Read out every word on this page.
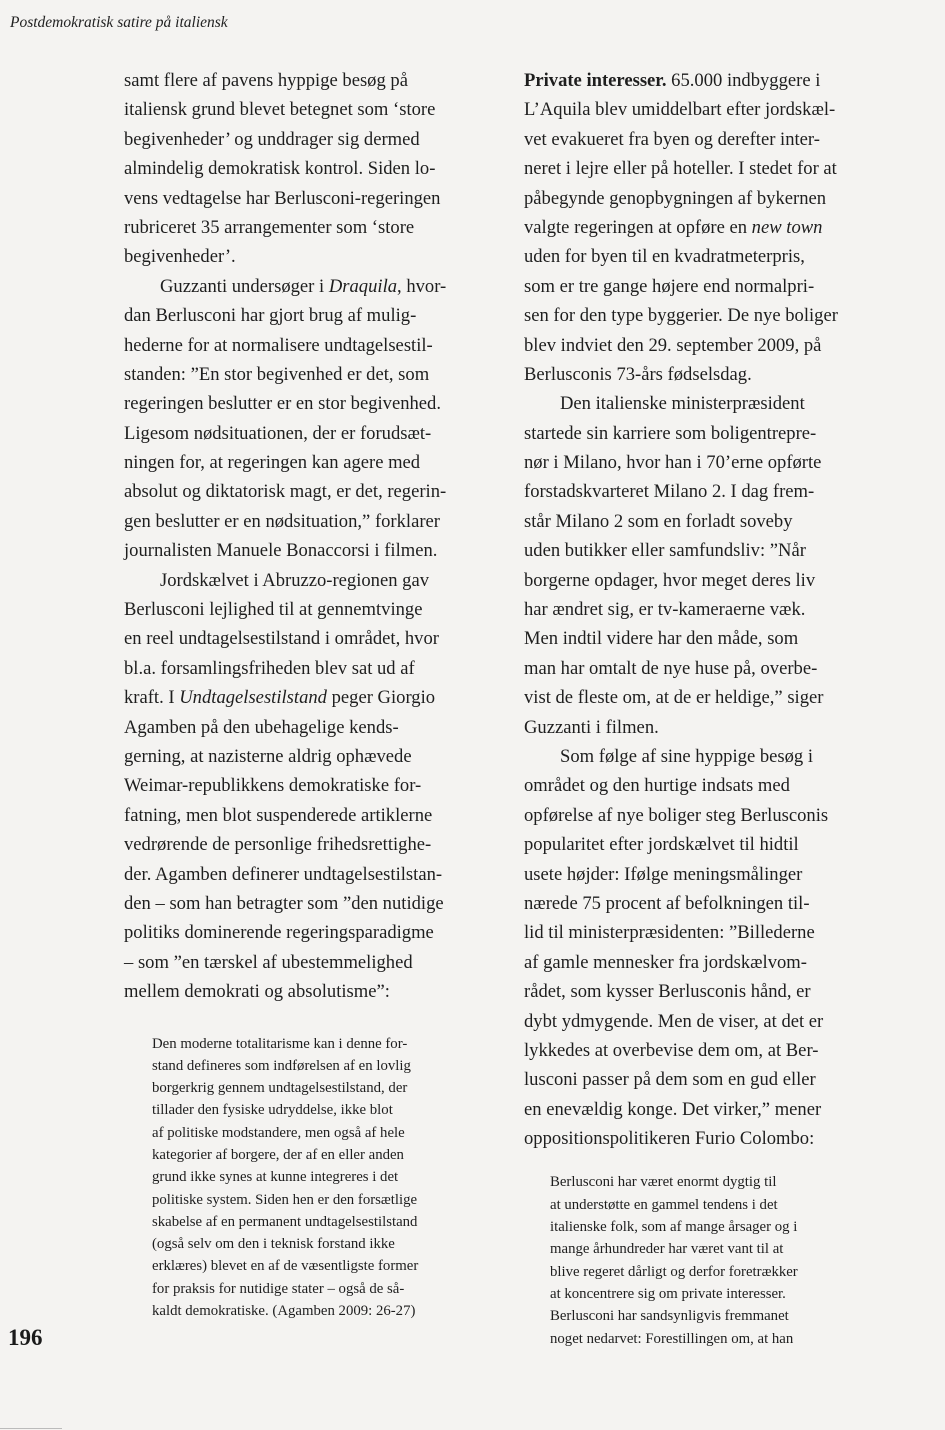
Postdemokratisk satire på italiensk
samt flere af pavens hyppige besøg på
italiensk grund blevet betegnet som ‘store
begivenheder’ og unddrager sig dermed
almindelig demokratisk kontrol. Siden lo-
vens vedtagelse har Berlusconi-regeringen
rubriceret 35 arrangementer som ‘store
begivenheder’.
Guzzanti undersøger i Draquila, hvor-
dan Berlusconi har gjort brug af mulig-
hederne for at normalisere undtagelsestil-
standen: ”En stor begivenhed er det, som
regeringen beslutter er en stor begivenhed.
Ligesom nødsituationen, der er forudsæt-
ningen for, at regeringen kan agere med
absolut og diktatorisk magt, er det, regerin-
gen beslutter er en nødsituation,” forklarer
journalisten Manuele Bonaccorsi i filmen.
Jordskælvet i Abruzzo-regionen gav
Berlusconi lejlighed til at gennemtvinge
en reel undtagelsestilstand i området, hvor
bl.a. forsamlingsfriheden blev sat ud af
kraft. I Undtagelsestilstand peger Giorgio
Agamben på den ubehagelige kends-
gerning, at nazisterne aldrig ophævede
Weimar-republikkens demokratiske for-
fatning, men blot suspenderede artiklerne
vedrørende de personlige frihedsrettighe-
der. Agamben definerer undtagelsestilstan-
den – som han betragter som ”den nutidige
politiks dominerende regeringsparadigme
– som ”en tærskel af ubestemmelighed
mellem demokrati og absolutisme”:
Den moderne totalitarisme kan i denne for-
stand defineres som indførelsen af en lovlig
borgerkrig gennem undtagelsestilstand, der
tillader den fysiske udryddelse, ikke blot
af politiske modstandere, men også af hele
kategorier af borgere, der af en eller anden
grund ikke synes at kunne integreres i det
politiske system. Siden hen er den forsætlige
skabelse af en permanent undtagelsestilstand
(også selv om den i teknisk forstand ikke
erklæres) blevet en af de væsentligste former
for praksis for nutidige stater – også de så-
kaldt demokratiske. (Agamben 2009: 26-27)
Private interesser. 65.000 indbyggere i
L’Aquila blev umiddelbart efter jordskæl-
vet evakueret fra byen og derefter inter-
neret i lejre eller på hoteller. I stedet for at
påbegynde genopbygningen af bykernen
valgte regeringen at opføre en new town
uden for byen til en kvadratmeterpris,
som er tre gange højere end normalpri-
sen for den type byggerier. De nye boliger
blev indviet den 29. september 2009, på
Berlusconis 73-års fødselsdag.
Den italienske ministerpræsident
startede sin karriere som boligentrepre-
nør i Milano, hvor han i 70’erne opførte
forstadskvarteret Milano 2. I dag frem-
står Milano 2 som en forladt soveby
uden butikker eller samfundsliv: ”Når
borgerne opdager, hvor meget deres liv
har ændret sig, er tv-kameraerne væk.
Men indtil videre har den måde, som
man har omtalt de nye huse på, overbe-
vist de fleste om, at de er heldige,” siger
Guzzanti i filmen.
Som følge af sine hyppige besøg i
området og den hurtige indsats med
opførelse af nye boliger steg Berlusconis
popularitet efter jordskælvet til hidtil
usete højder: Ifølge meningsmålinger
nærede 75 procent af befolkningen til-
lid til ministerpræsidenten: ”Billederne
af gamle mennesker fra jordskælvom-
rådet, som kysser Berlusconis hånd, er
dybt ydmygende. Men de viser, at det er
lykkedes at overbevise dem om, at Ber-
lusconi passer på dem som en gud eller
en enevældig konge. Det virker,” mener
oppositionspolitikeren Furio Colombo:
Berlusconi har været enormt dygtig til
at understøtte en gammel tendens i det
italienske folk, som af mange årsager og i
mange århundreder har været vant til at
blive regeret dårligt og derfor foretrækker
at koncentrere sig om private interesser.
Berlusconi har sandsynligvis fremmanet
noget nedarvet: Forestillingen om, at han
196
